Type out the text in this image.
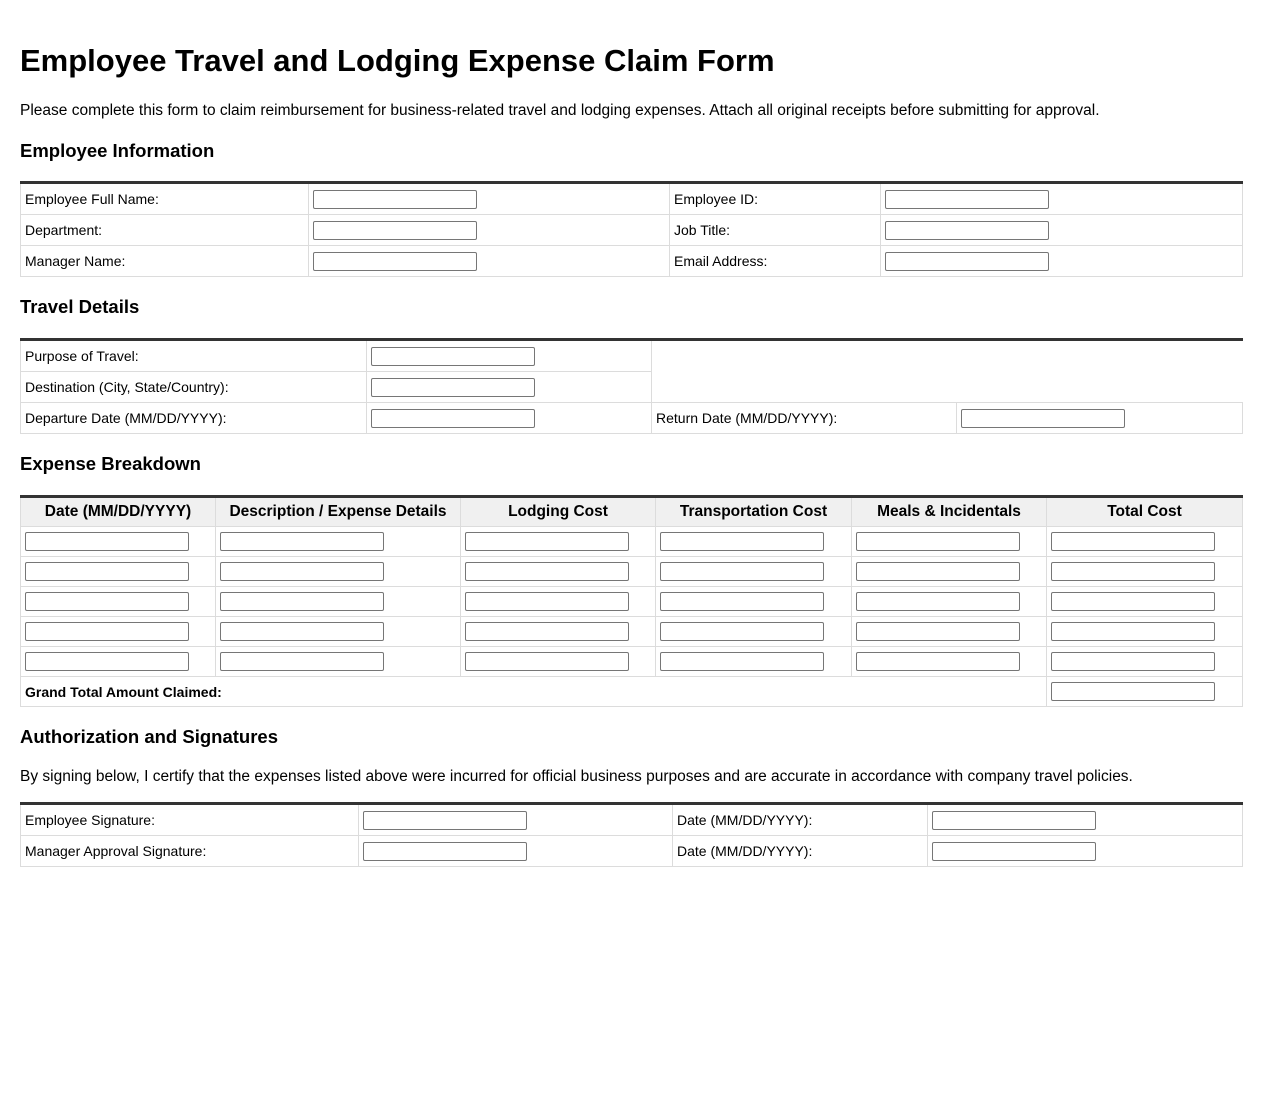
Employee Travel and Lodging Expense Claim Form

Please complete this form to claim reimbursement for business-related travel and lodging expenses. Attach all original receipts before submitting for approval.

Employee Information
Employee Full Name:		Employee ID:	

Department:		Job Title:	

Manager Name:		Email Address:	
Travel Details
Purpose of Travel:	

Destination (City, State/Country):	

Departure Date (MM/DD/YYYY):		Return Date (MM/DD/YYYY):	
Expense Breakdown
Date (MM/DD/YYYY)	Description / Expense Details	Lodging Cost	Transportation Cost	Meals & Incidentals	Total Cost

Grand Total Amount Claimed:	
Authorization and Signatures

By signing below, I certify that the expenses listed above were incurred for official business purposes and are accurate in accordance with company travel policies.

Employee Signature:		Date (MM/DD/YYYY):	

Manager Approval Signature:		Date (MM/DD/YYYY):	
